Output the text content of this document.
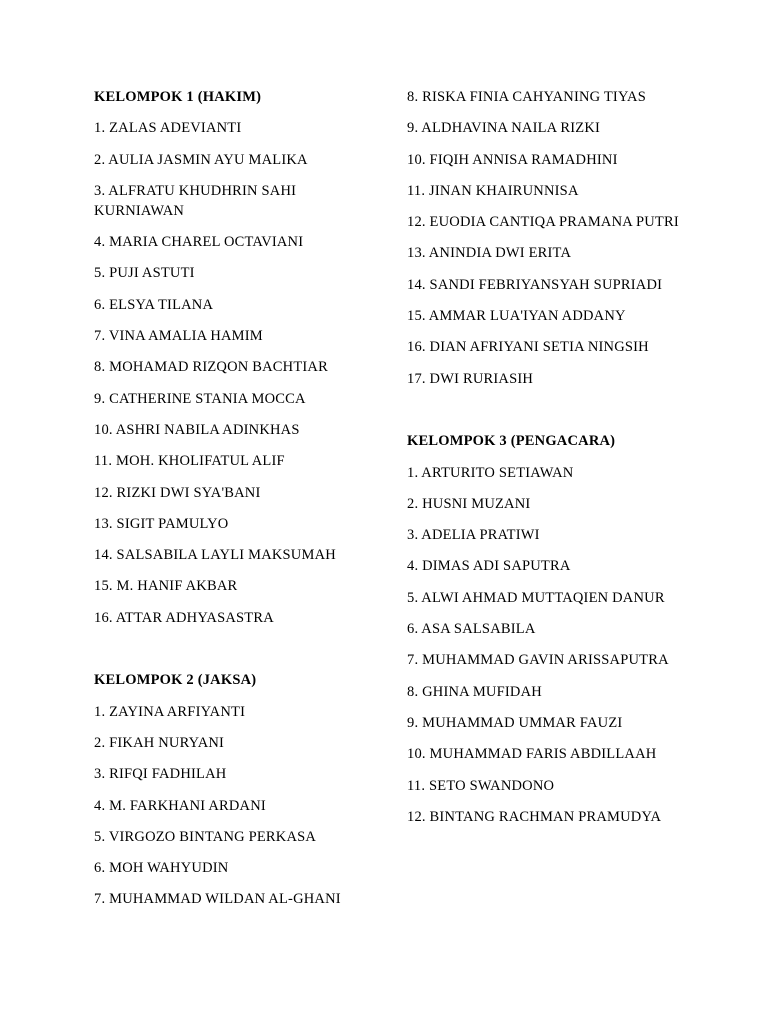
KELOMPOK 1 (HAKIM)
1. ZALAS ADEVIANTI
2. AULIA JASMIN AYU MALIKA
3. ALFRATU KHUDHRIN SAHI KURNIAWAN
4. MARIA CHAREL OCTAVIANI
5. PUJI ASTUTI
6. ELSYA TILANA
7. VINA AMALIA HAMIM
8. MOHAMAD RIZQON BACHTIAR
9. CATHERINE STANIA MOCCA
10. ASHRI NABILA ADINKHAS
11. MOH. KHOLIFATUL ALIF
12. RIZKI DWI SYA'BANI
13. SIGIT PAMULYO
14. SALSABILA LAYLI MAKSUMAH
15. M. HANIF AKBAR
16. ATTAR ADHYASASTRA
KELOMPOK 2 (JAKSA)
1. ZAYINA ARFIYANTI
2. FIKAH NURYANI
3. RIFQI FADHILAH
4. M. FARKHANI ARDANI
5. VIRGOZO BINTANG PERKASA
6. MOH WAHYUDIN
7. MUHAMMAD WILDAN AL-GHANI
8. RISKA FINIA CAHYANING TIYAS
9. ALDHAVINA NAILA RIZKI
10. FIQIH ANNISA RAMADHINI
11. JINAN KHAIRUNNISA
12. EUODIA CANTIQA PRAMANA PUTRI
13. ANINDIA DWI ERITA
14. SANDI FEBRIYANSYAH SUPRIADI
15. AMMAR LUA'IYAN ADDANY
16. DIAN AFRIYANI SETIA NINGSIH
17. DWI RURIASIH
KELOMPOK 3 (PENGACARA)
1. ARTURITO SETIAWAN
2. HUSNI MUZANI
3. ADELIA PRATIWI
4. DIMAS ADI SAPUTRA
5. ALWI AHMAD MUTTAQIEN DANUR
6. ASA SALSABILA
7. MUHAMMAD GAVIN ARISSAPUTRA
8. GHINA MUFIDAH
9. MUHAMMAD UMMAR FAUZI
10. MUHAMMAD FARIS ABDILLAAH
11. SETO SWANDONO
12. BINTANG RACHMAN PRAMUDYA
